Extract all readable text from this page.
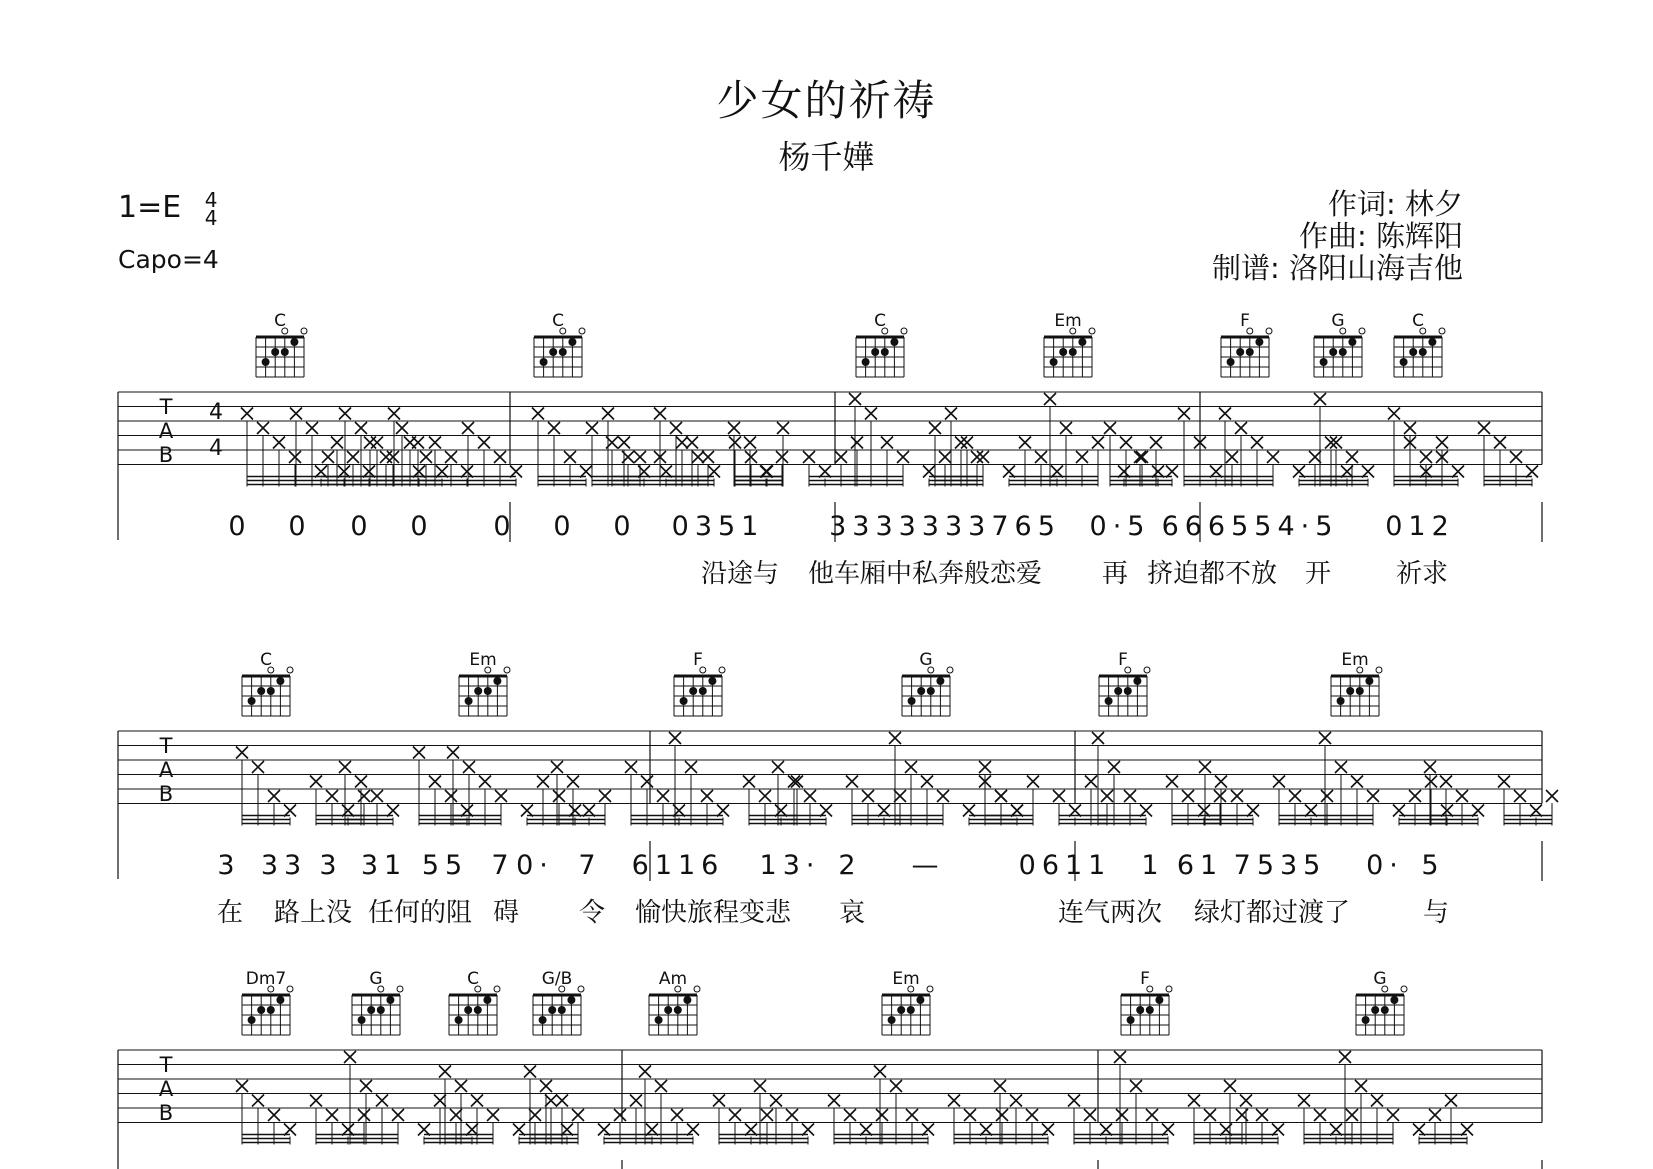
少女的祈祷
杨千嬅
1=E 4
4
Capo=4
作词: 林夕
作曲: 陈辉阳
制谱: 洛阳山海吉他
T
A
B
4
4
C	C	C	Em	F	G	C
0 0 0 0 0 0 0 0351 3333333765 0·5 666554·5 012
沿途与 他车厢中私奔般恋爱 再 挤迫都不放 开 祈求
T
A
B
C	Em	F	G	F	Em
3 33 3 31 55 7 0· 7 6116 13· 2 —	0611 1 61 7535 0· 5
在 路上没 任何的阻 碍 令 愉快旅程变悲 哀	连气两次 绿灯都过渡了	与
T
A
B
Dm7	G	C	G/B	Am	Em	F	G
